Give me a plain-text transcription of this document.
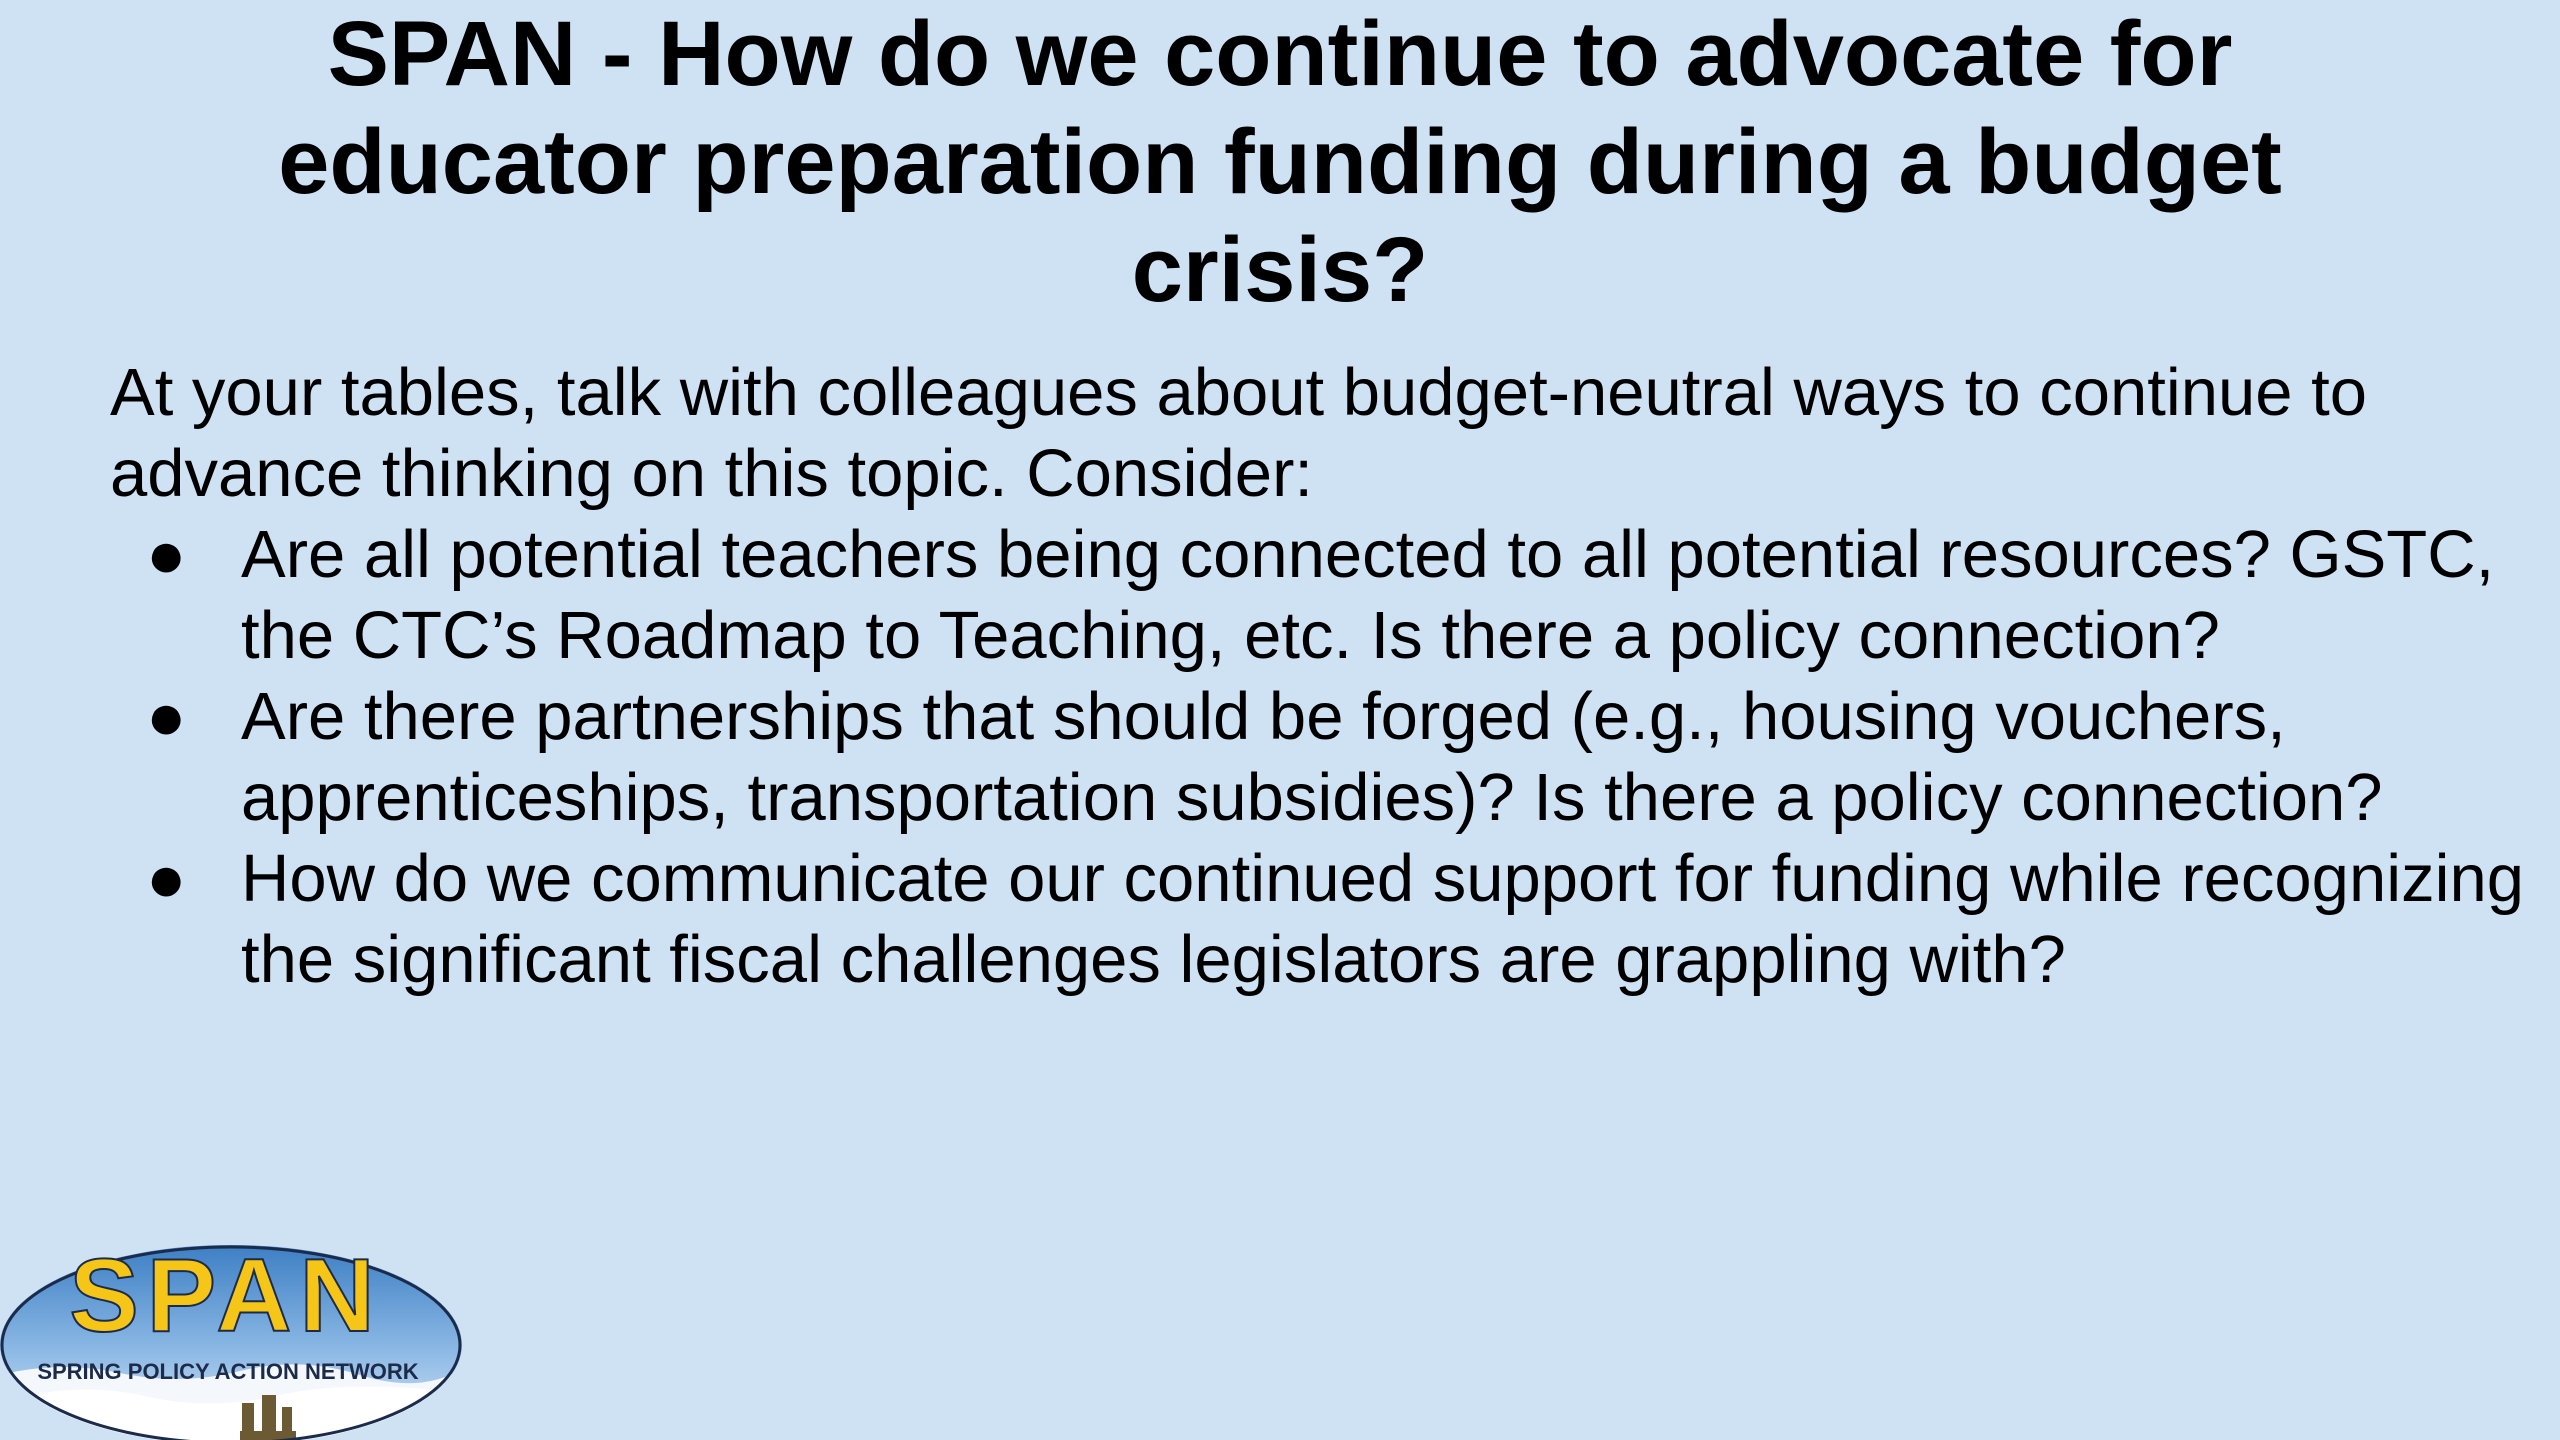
SPAN - How do we continue to advocate for educator preparation funding during a budget crisis?

At your tables, talk with colleagues about budget-neutral ways to continue to advance thinking on this topic. Consider:

● Are all potential teachers being connected to all potential resources? GSTC, the CTC’s Roadmap to Teaching, etc. Is there a policy connection?
● Are there partnerships that should be forged (e.g., housing vouchers, apprenticeships, transportation subsidies)? Is there a policy connection?
● How do we communicate our continued support for funding while recognizing the significant fiscal challenges legislators are grappling with?
SPAN
SPRING POLICY ACTION NETWORK
